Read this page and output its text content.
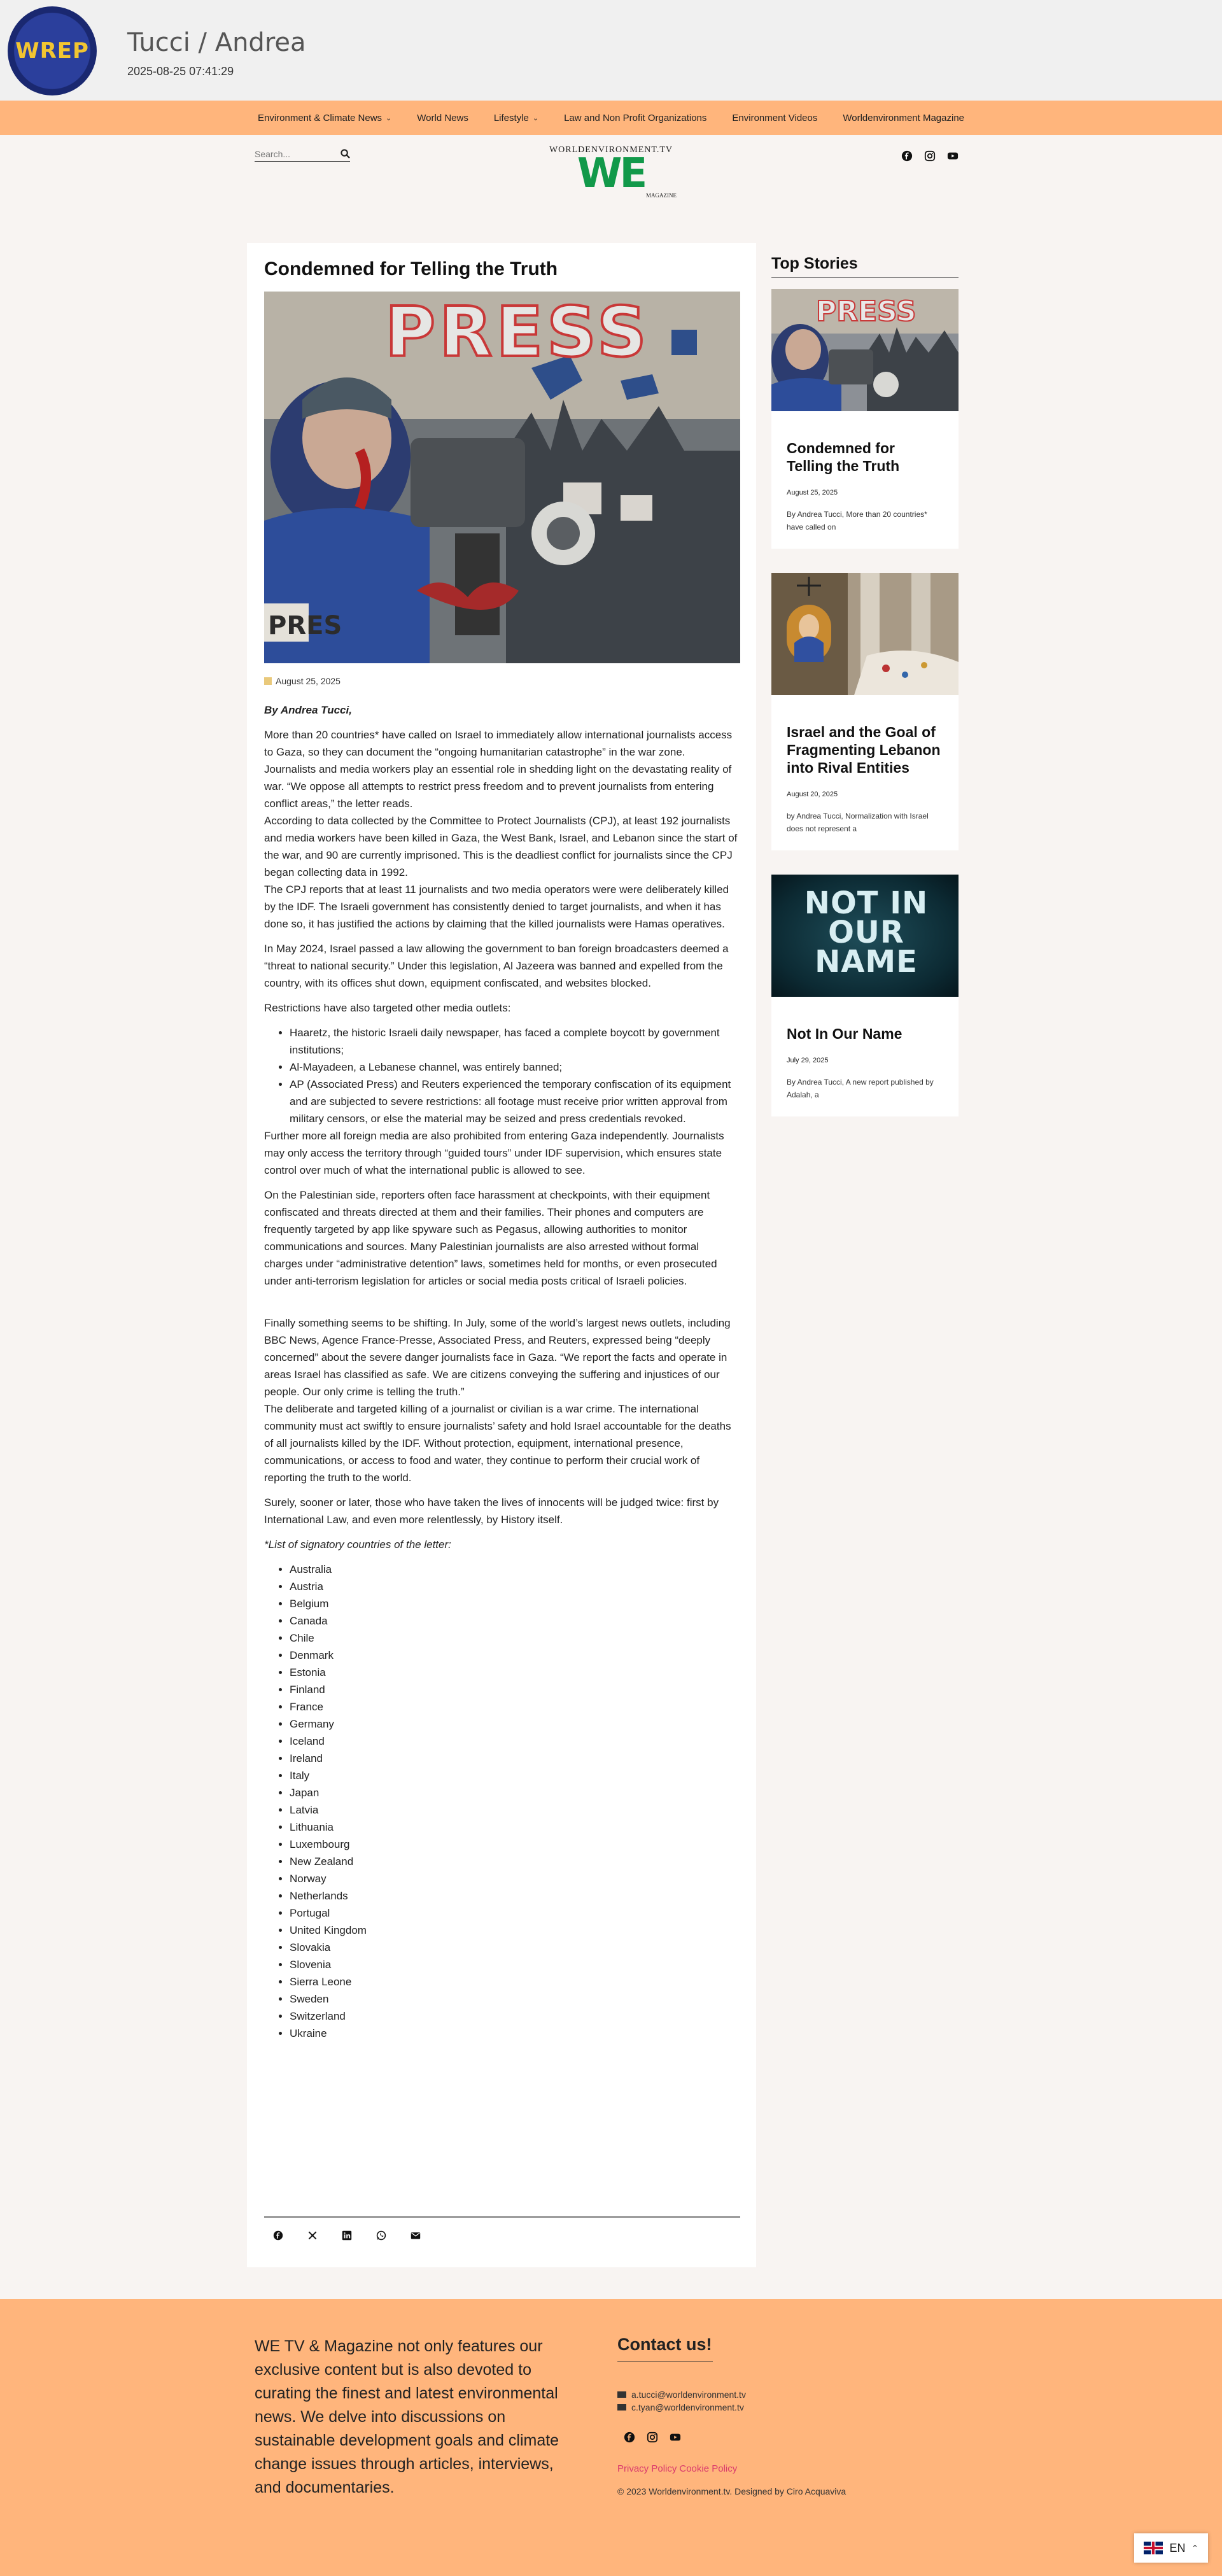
WREP Tucci / Andrea
2025-08-25 07:41:29
Environment & Climate News ⌄	World News	Lifestyle ⌄	Law and Non Profit Organizations	Environment Videos	Worldenvironment Magazine
Search...
WORLDENVIRONMENT.TV
WE MAGAZINE
Condemned for Telling the Truth
PRES
PRESS
August 25, 2025

By Andrea Tucci,

More than 20 countries* have called on Israel to immediately allow international journalists access to Gaza, so they can document the “ongoing humanitarian catastrophe” in the war zone.

Journalists and media workers play an essential role in shedding light on the devastating reality of war. “We oppose all attempts to restrict press freedom and to prevent journalists from entering conflict areas,” the letter reads.

According to data collected by the Committee to Protect Journalists (CPJ), at least 192 journalists and media workers have been killed in Gaza, the West Bank, Israel, and Lebanon since the start of the war, and 90 are currently imprisoned. This is the deadliest conflict for journalists since the CPJ began collecting data in 1992.

The CPJ reports that at least 11 journalists and two media operators were were deliberately killed by the IDF. The Israeli government has consistently denied to target journalists, and when it has done so, it has justified the actions by claiming that the killed journalists were Hamas operatives.

In May 2024, Israel passed a law allowing the government to ban foreign broadcasters deemed a “threat to national security.” Under this legislation, Al Jazeera was banned and expelled from the country, with its offices shut down, equipment confiscated, and websites blocked.

Restrictions have also targeted other media outlets:

• Haaretz, the historic Israeli daily newspaper, has faced a complete boycott by government institutions;
• Al-Mayadeen, a Lebanese channel, was entirely banned;
• AP (Associated Press) and Reuters experienced the temporary confiscation of its equipment and are subjected to severe restrictions: all footage must receive prior written approval from military censors, or else the material may be seized and press credentials revoked.

Further more all foreign media are also prohibited from entering Gaza independently. Journalists may only access the territory through “guided tours” under IDF supervision, which ensures state control over much of what the international public is allowed to see.

On the Palestinian side, reporters often face harassment at checkpoints, with their equipment confiscated and threats directed at them and their families. Their phones and computers are frequently targeted by app like spyware such as Pegasus, allowing authorities to monitor communications and sources. Many Palestinian journalists are also arrested without formal charges under “administrative detention” laws, sometimes held for months, or even prosecuted under anti-terrorism legislation for articles or social media posts critical of Israeli policies.

Finally something seems to be shifting. In July, some of the world’s largest news outlets, including BBC News, Agence France-Presse, Associated Press, and Reuters, expressed being “deeply concerned” about the severe danger journalists face in Gaza. “We report the facts and operate in areas Israel has classified as safe. We are citizens conveying the suffering and injustices of our people. Our only crime is telling the truth.”

The deliberate and targeted killing of a journalist or civilian is a war crime. The international community must act swiftly to ensure journalists’ safety and hold Israel accountable for the deaths of all journalists killed by the IDF. Without protection, equipment, international presence, communications, or access to food and water, they continue to perform their crucial work of reporting the truth to the world.

Surely, sooner or later, those who have taken the lives of innocents will be judged twice: first by International Law, and even more relentlessly, by History itself.

*List of signatory countries of the letter:

• Australia
• Austria
• Belgium
• Canada
• Chile
• Denmark
• Estonia
• Finland
• France
• Germany
• Iceland
• Ireland
• Italy
• Japan
• Latvia
• Lithuania
• Luxembourg
• New Zealand
• Norway
• Netherlands
• Portugal
• United Kingdom
• Slovakia
• Slovenia
• Sierra Leone
• Sweden
• Switzerland
• Ukraine
Top Stories
PRESS
Condemned for Telling the Truth
August 25, 2025
By Andrea Tucci, More than 20 countries* have called on
Israel and the Goal of Fragmenting Lebanon into Rival Entities
August 20, 2025
by Andrea Tucci, Normalization with Israel does not represent a
NOT IN OUR NAME
Not In Our Name
July 29, 2025
By Andrea Tucci, A new report published by Adalah, a

WE TV & Magazine not only features our exclusive content but is also devoted to curating the finest and latest environmental news. We delve into discussions on sustainable development goals and climate change issues through articles, interviews, and documentaries.

Contact us!
a.tucci@worldenvironment.tv
c.tyan@worldenvironment.tv
Privacy Policy Cookie Policy
© 2023 Worldenvironment.tv. Designed by Ciro Acquaviva
EN ⌃
